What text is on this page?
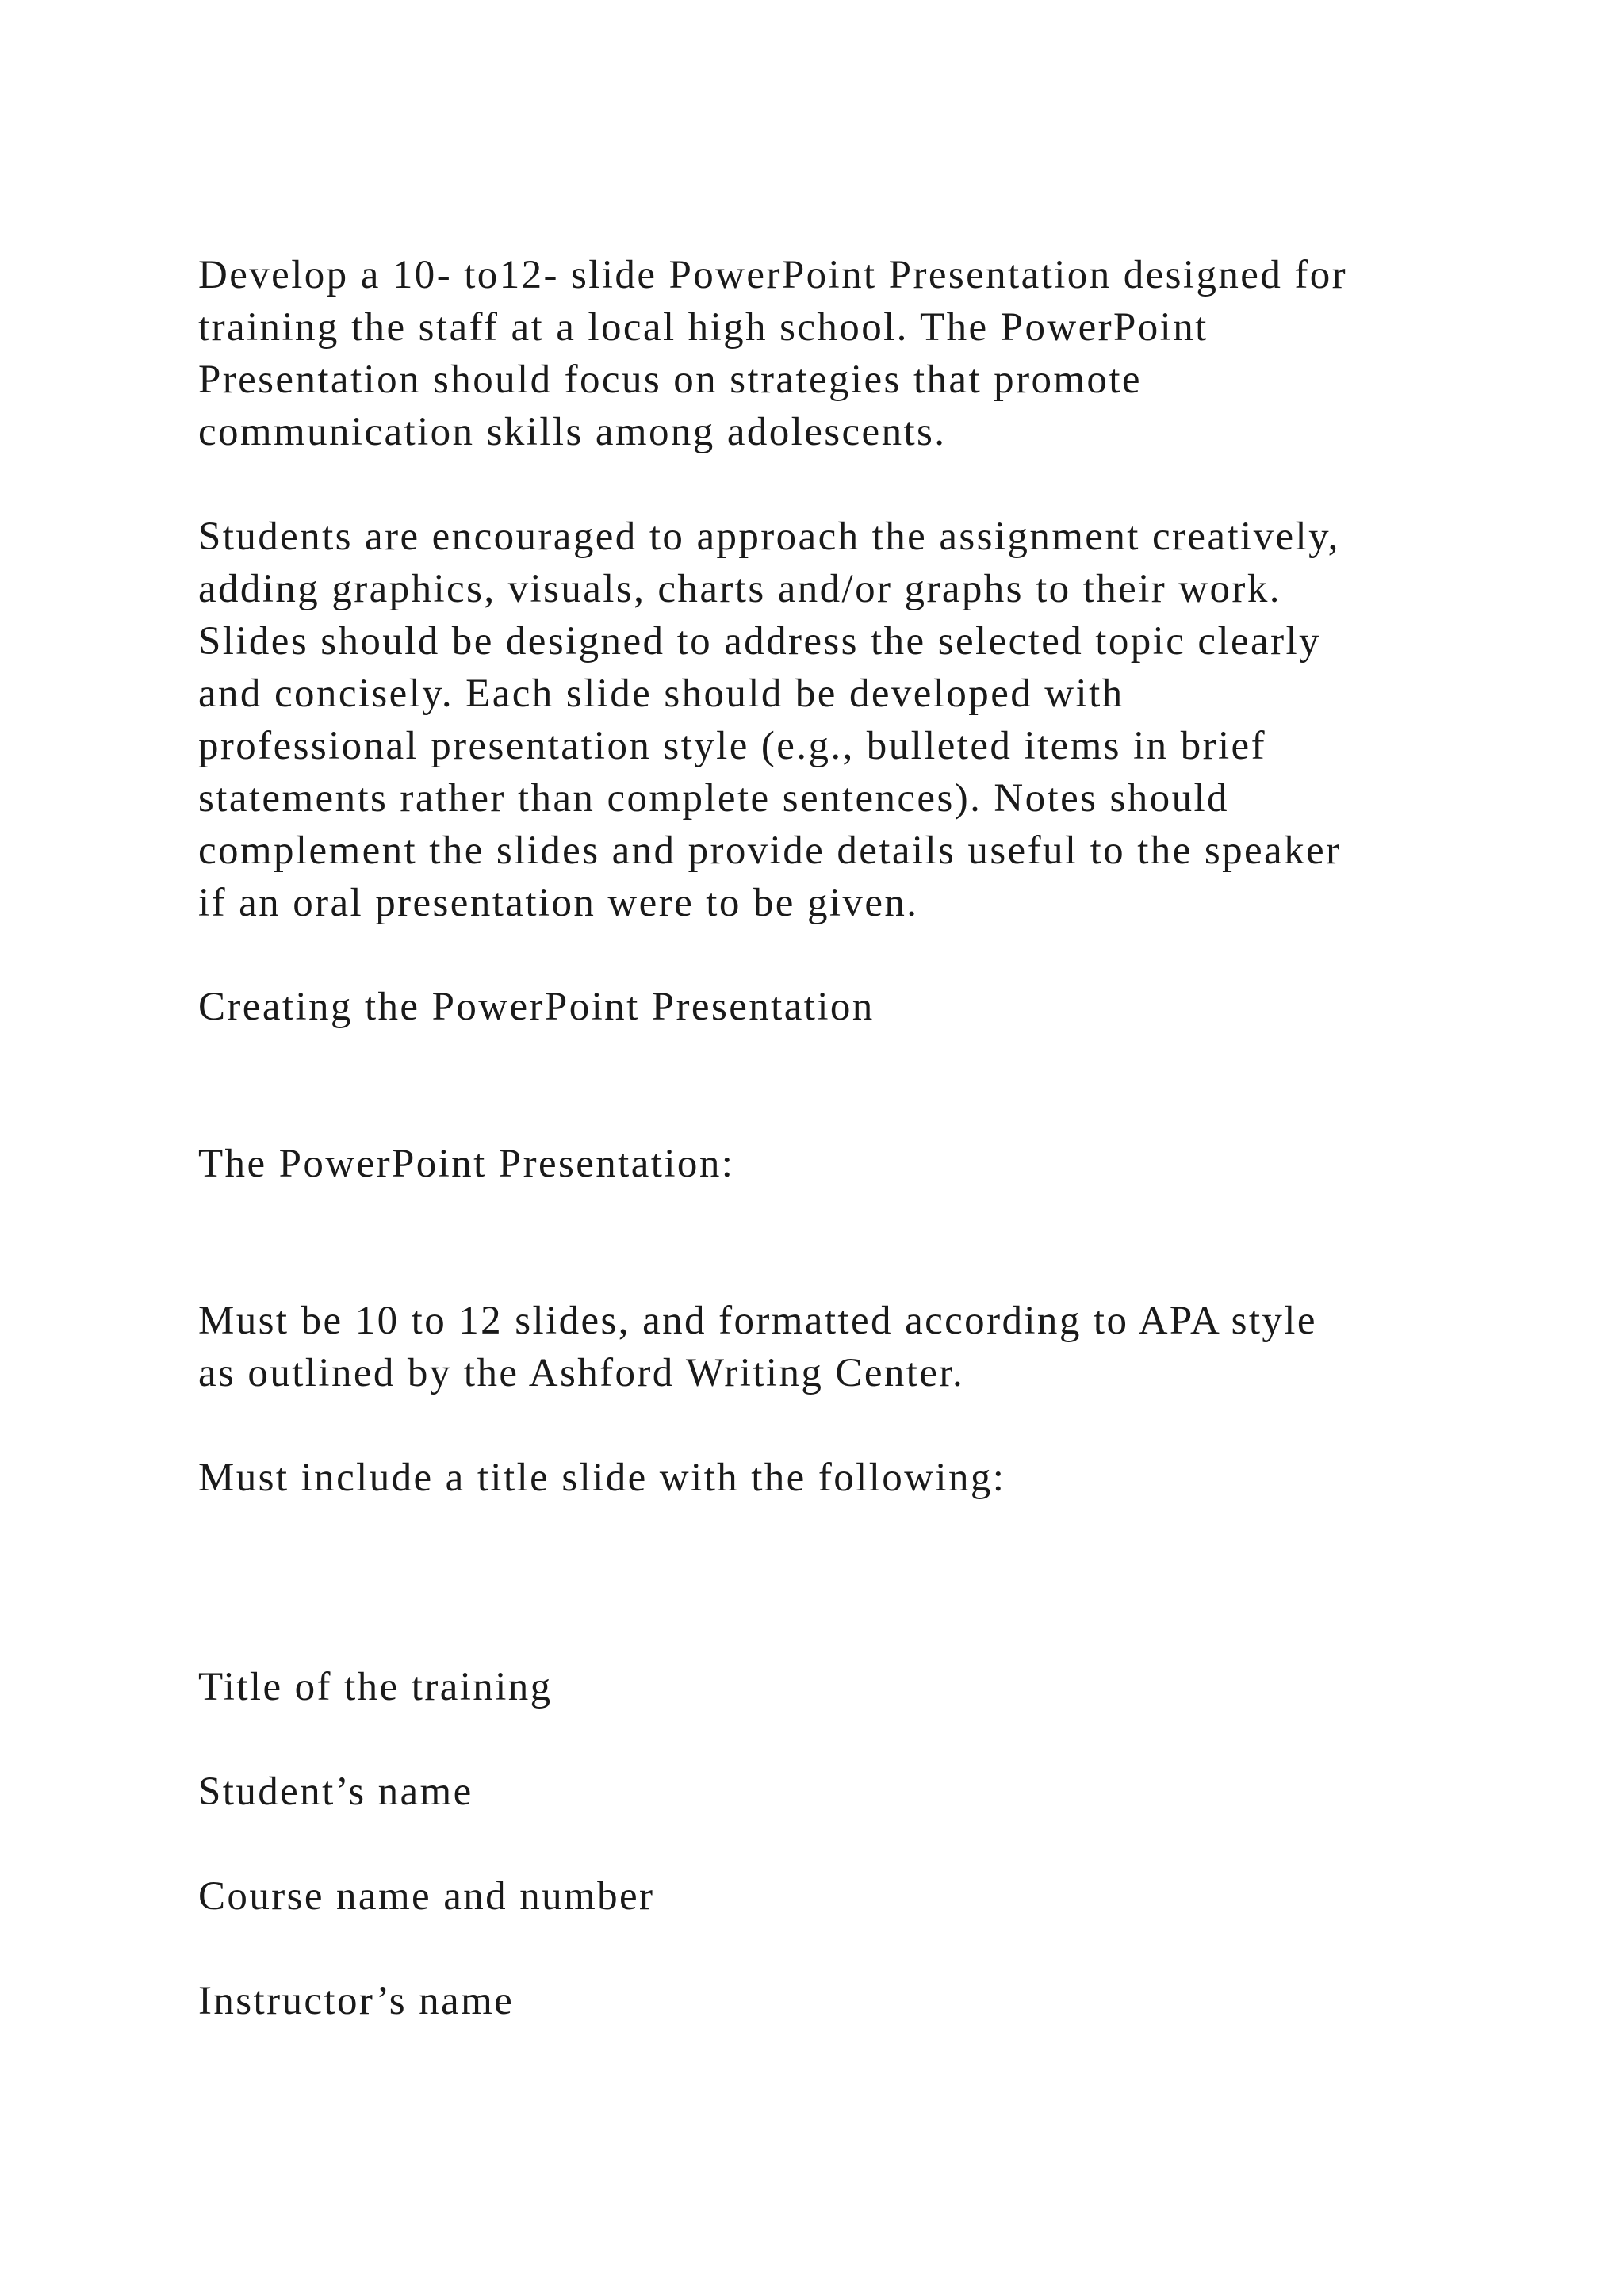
Develop a 10- to12- slide PowerPoint Presentation designed for
training the staff at a local high school. The PowerPoint
Presentation should focus on strategies that promote
communication skills among adolescents.

Students are encouraged to approach the assignment creatively,
adding graphics, visuals, charts and/or graphs to their work.
Slides should be designed to address the selected topic clearly
and concisely. Each slide should be developed with
professional presentation style (e.g., bulleted items in brief
statements rather than complete sentences). Notes should
complement the slides and provide details useful to the speaker
if an oral presentation were to be given.

Creating the PowerPoint Presentation

The PowerPoint Presentation:

Must be 10 to 12 slides, and formatted according to APA style
as outlined by the Ashford Writing Center.

Must include a title slide with the following:

Title of the training

Student’s name

Course name and number

Instructor’s name
